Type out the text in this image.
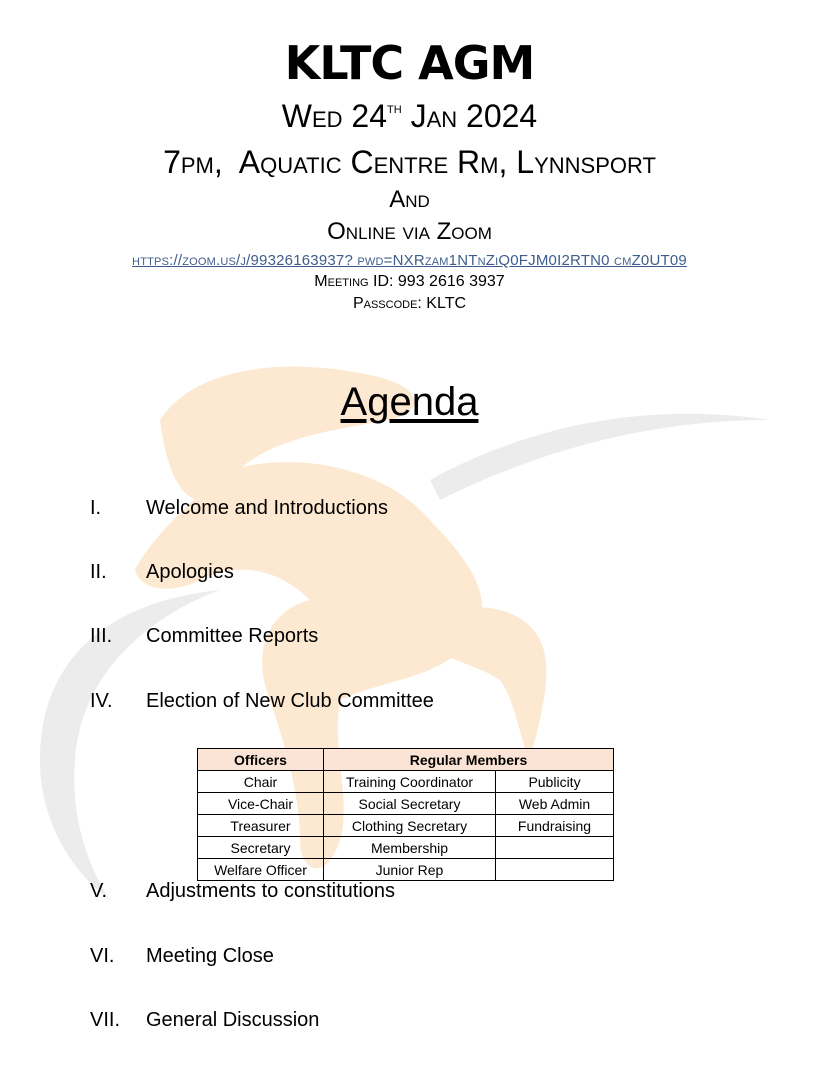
KLTC AGM
Wed 24th Jan 2024
7pm,  Aquatic Centre Rm, Lynnsport
And
Online via Zoom
https://zoom.us/j/99326163937? pwd=NXRzam1NTnZiQ0FJM0I2RTN0 cmZ0UT09
Meeting ID: 993 2616 3937
Passcode: KLTC
Agenda
I. Welcome and Introductions
II. Apologies
III. Committee Reports
IV. Election of New Club Committee
Officers	Regular Members	
Chair	Training Coordinator	Publicity
Vice-Chair	Social Secretary	Web Admin
Treasurer	Clothing Secretary	Fundraising
Secretary	Membership	
Welfare Officer	Junior Rep	
V. Adjustments to constitutions
VI. Meeting Close
VII. General Discussion
